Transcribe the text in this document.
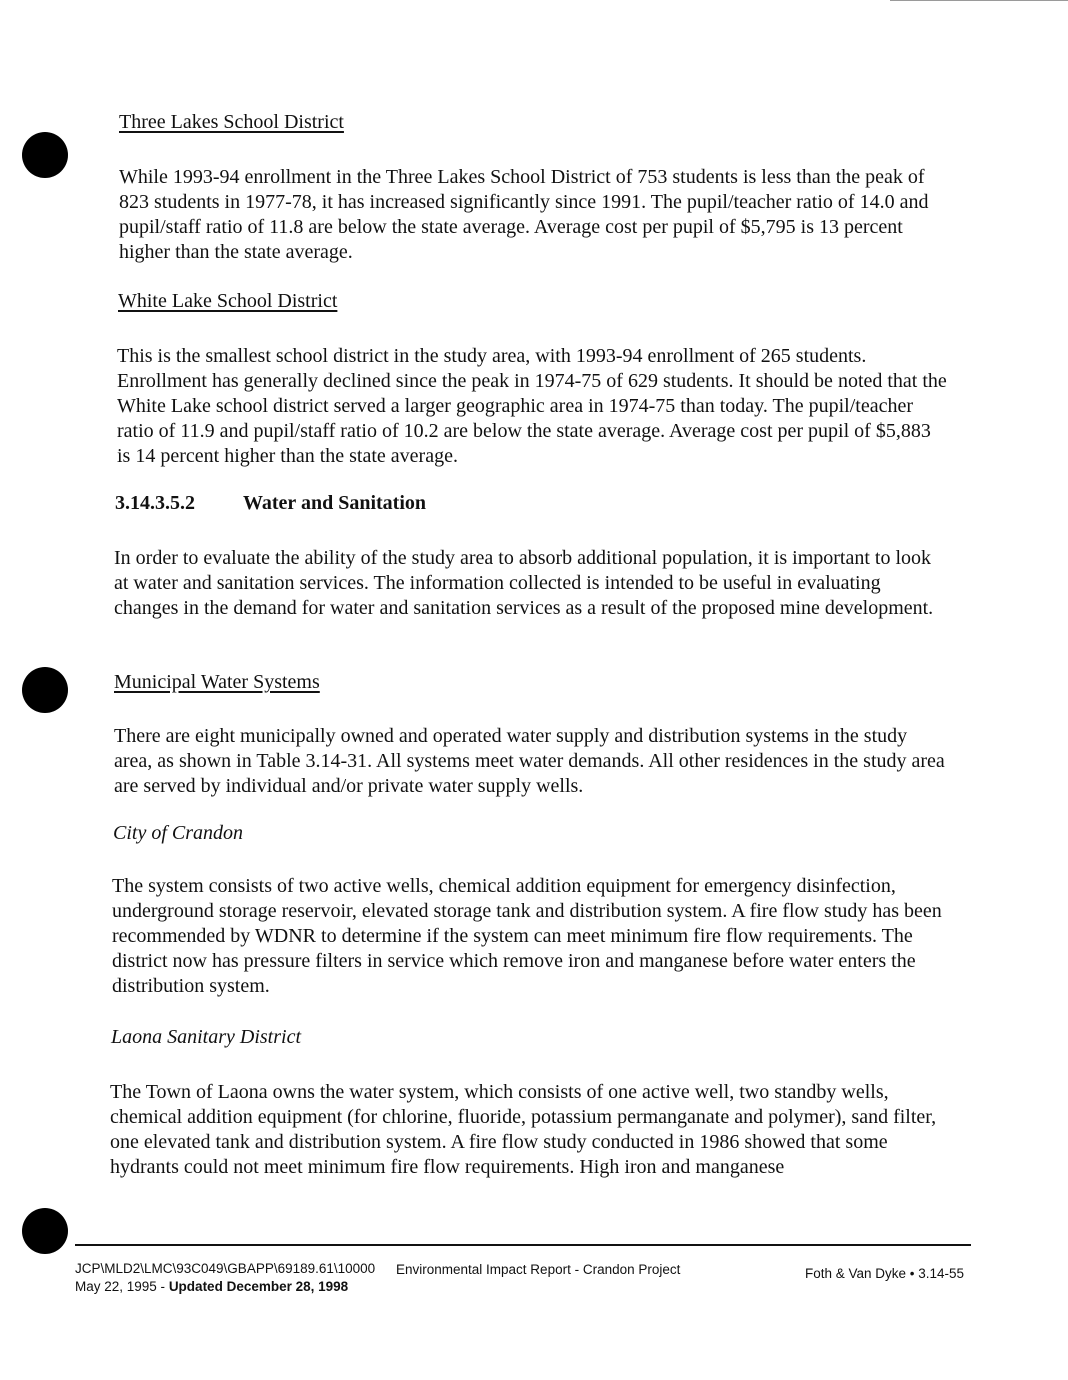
Three Lakes School District
While 1993-94 enrollment in the Three Lakes School District of 753 students is less than the peak of 823 students in 1977-78, it has increased significantly since 1991. The pupil/teacher ratio of 14.0 and pupil/staff ratio of 11.8 are below the state average. Average cost per pupil of $5,795 is 13 percent higher than the state average.
White Lake School District
This is the smallest school district in the study area, with 1993-94 enrollment of 265 students. Enrollment has generally declined since the peak in 1974-75 of 629 students. It should be noted that the White Lake school district served a larger geographic area in 1974-75 than today. The pupil/teacher ratio of 11.9 and pupil/staff ratio of 10.2 are below the state average. Average cost per pupil of $5,883 is 14 percent higher than the state average.
3.14.3.5.2 Water and Sanitation
In order to evaluate the ability of the study area to absorb additional population, it is important to look at water and sanitation services. The information collected is intended to be useful in evaluating changes in the demand for water and sanitation services as a result of the proposed mine development.
Municipal Water Systems
There are eight municipally owned and operated water supply and distribution systems in the study area, as shown in Table 3.14-31. All systems meet water demands. All other residences in the study area are served by individual and/or private water supply wells.
City of Crandon
The system consists of two active wells, chemical addition equipment for emergency disinfection, underground storage reservoir, elevated storage tank and distribution system. A fire flow study has been recommended by WDNR to determine if the system can meet minimum fire flow requirements. The district now has pressure filters in service which remove iron and manganese before water enters the distribution system.
Laona Sanitary District
The Town of Laona owns the water system, which consists of one active well, two standby wells, chemical addition equipment (for chlorine, fluoride, potassium permanganate and polymer), sand filter, one elevated tank and distribution system. A fire flow study conducted in 1986 showed that some hydrants could not meet minimum fire flow requirements. High iron and manganese
JCP\MLD2\LMC\93C049\GBAPP\69189.61\10000
May 22, 1995 - Updated December 28, 1998
Environmental Impact Report - Crandon Project	Foth & Van Dyke • 3.14-55
